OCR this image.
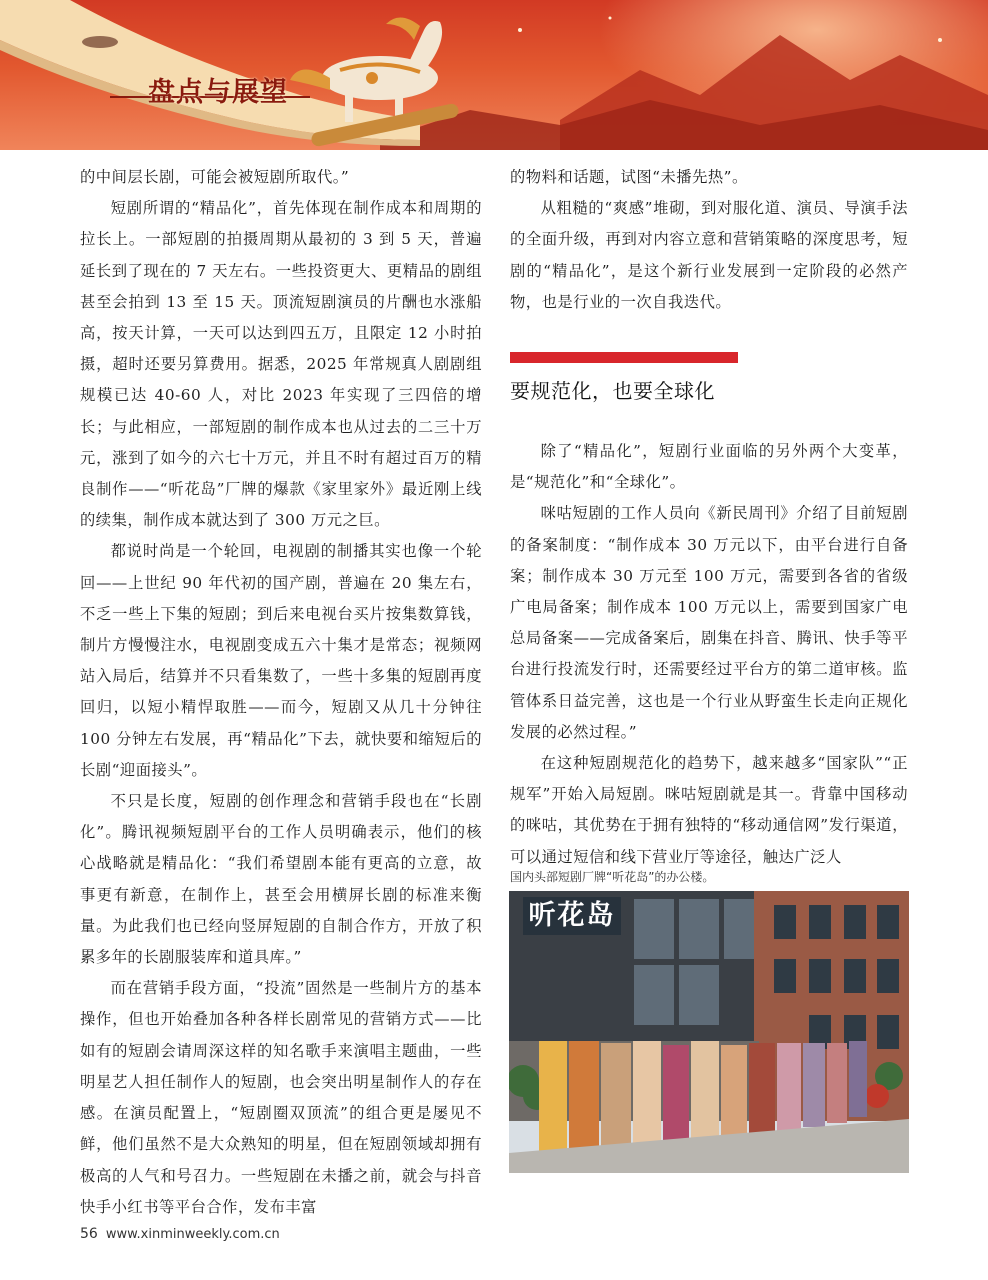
盘点与展望

的中间层长剧，可能会被短剧所取代。”

短剧所谓的“精品化”，首先体现在制作成本和周期的拉长上。一部短剧的拍摄周期从最初的 3 到 5 天，普遍延长到了现在的 7 天左右。一些投资更大、更精品的剧组甚至会拍到 13 至 15 天。顶流短剧演员的片酬也水涨船高，按天计算，一天可以达到四五万，且限定 12 小时拍摄，超时还要另算费用。据悉，2025 年常规真人剧剧组规模已达 40-60 人，对比 2023 年实现了三四倍的增长；与此相应，一部短剧的制作成本也从过去的二三十万元，涨到了如今的六七十万元，并且不时有超过百万的精良制作——“听花岛”厂牌的爆款《家里家外》最近刚上线的续集，制作成本就达到了 300 万元之巨。

都说时尚是一个轮回，电视剧的制播其实也像一个轮回——上世纪 90 年代初的国产剧，普遍在 20 集左右，不乏一些上下集的短剧；到后来电视台买片按集数算钱，制片方慢慢注水，电视剧变成五六十集才是常态；视频网站入局后，结算并不只看集数了，一些十多集的短剧再度回归，以短小精悍取胜——而今，短剧又从几十分钟往 100 分钟左右发展，再“精品化”下去，就快要和缩短后的长剧“迎面接头”。

不只是长度，短剧的创作理念和营销手段也在“长剧化”。腾讯视频短剧平台的工作人员明确表示，他们的核心战略就是精品化：“我们希望剧本能有更高的立意，故事更有新意，在制作上，甚至会用横屏长剧的标准来衡量。为此我们也已经向竖屏短剧的自制合作方，开放了积累多年的长剧服装库和道具库。”

而在营销手段方面，“投流”固然是一些制片方的基本操作，但也开始叠加各种各样长剧常见的营销方式——比如有的短剧会请周深这样的知名歌手来演唱主题曲，一些明星艺人担任制作人的短剧，也会突出明星制作人的存在感。在演员配置上，“短剧圈双顶流”的组合更是屡见不鲜，他们虽然不是大众熟知的明星，但在短剧领域却拥有极高的人气和号召力。一些短剧在未播之前，就会与抖音快手小红书等平台合作，发布丰富

的物料和话题，试图“未播先热”。

从粗糙的“爽感”堆砌，到对服化道、演员、导演手法的全面升级，再到对内容立意和营销策略的深度思考，短剧的“精品化”，是这个新行业发展到一定阶段的必然产物，也是行业的一次自我迭代。

要规范化，也要全球化

除了“精品化”，短剧行业面临的另外两个大变革，是“规范化”和“全球化”。

咪咕短剧的工作人员向《新民周刊》介绍了目前短剧的备案制度：“制作成本 30 万元以下，由平台进行自备案；制作成本 30 万元至 100 万元，需要到各省的省级广电局备案；制作成本 100 万元以上，需要到国家广电总局备案——完成备案后，剧集在抖音、腾讯、快手等平台进行投流发行时，还需要经过平台方的第二道审核。监管体系日益完善，这也是一个行业从野蛮生长走向正规化发展的必然过程。”

在这种短剧规范化的趋势下，越来越多“国家队”“正规军”开始入局短剧。咪咕短剧就是其一。背靠中国移动的咪咕，其优势在于拥有独特的“移动通信网”发行渠道，可以通过短信和线下营业厅等途径，触达广泛人

国内头部短剧厂牌“听花岛”的办公楼。

听花岛

56 www.xinminweekly.com.cn
